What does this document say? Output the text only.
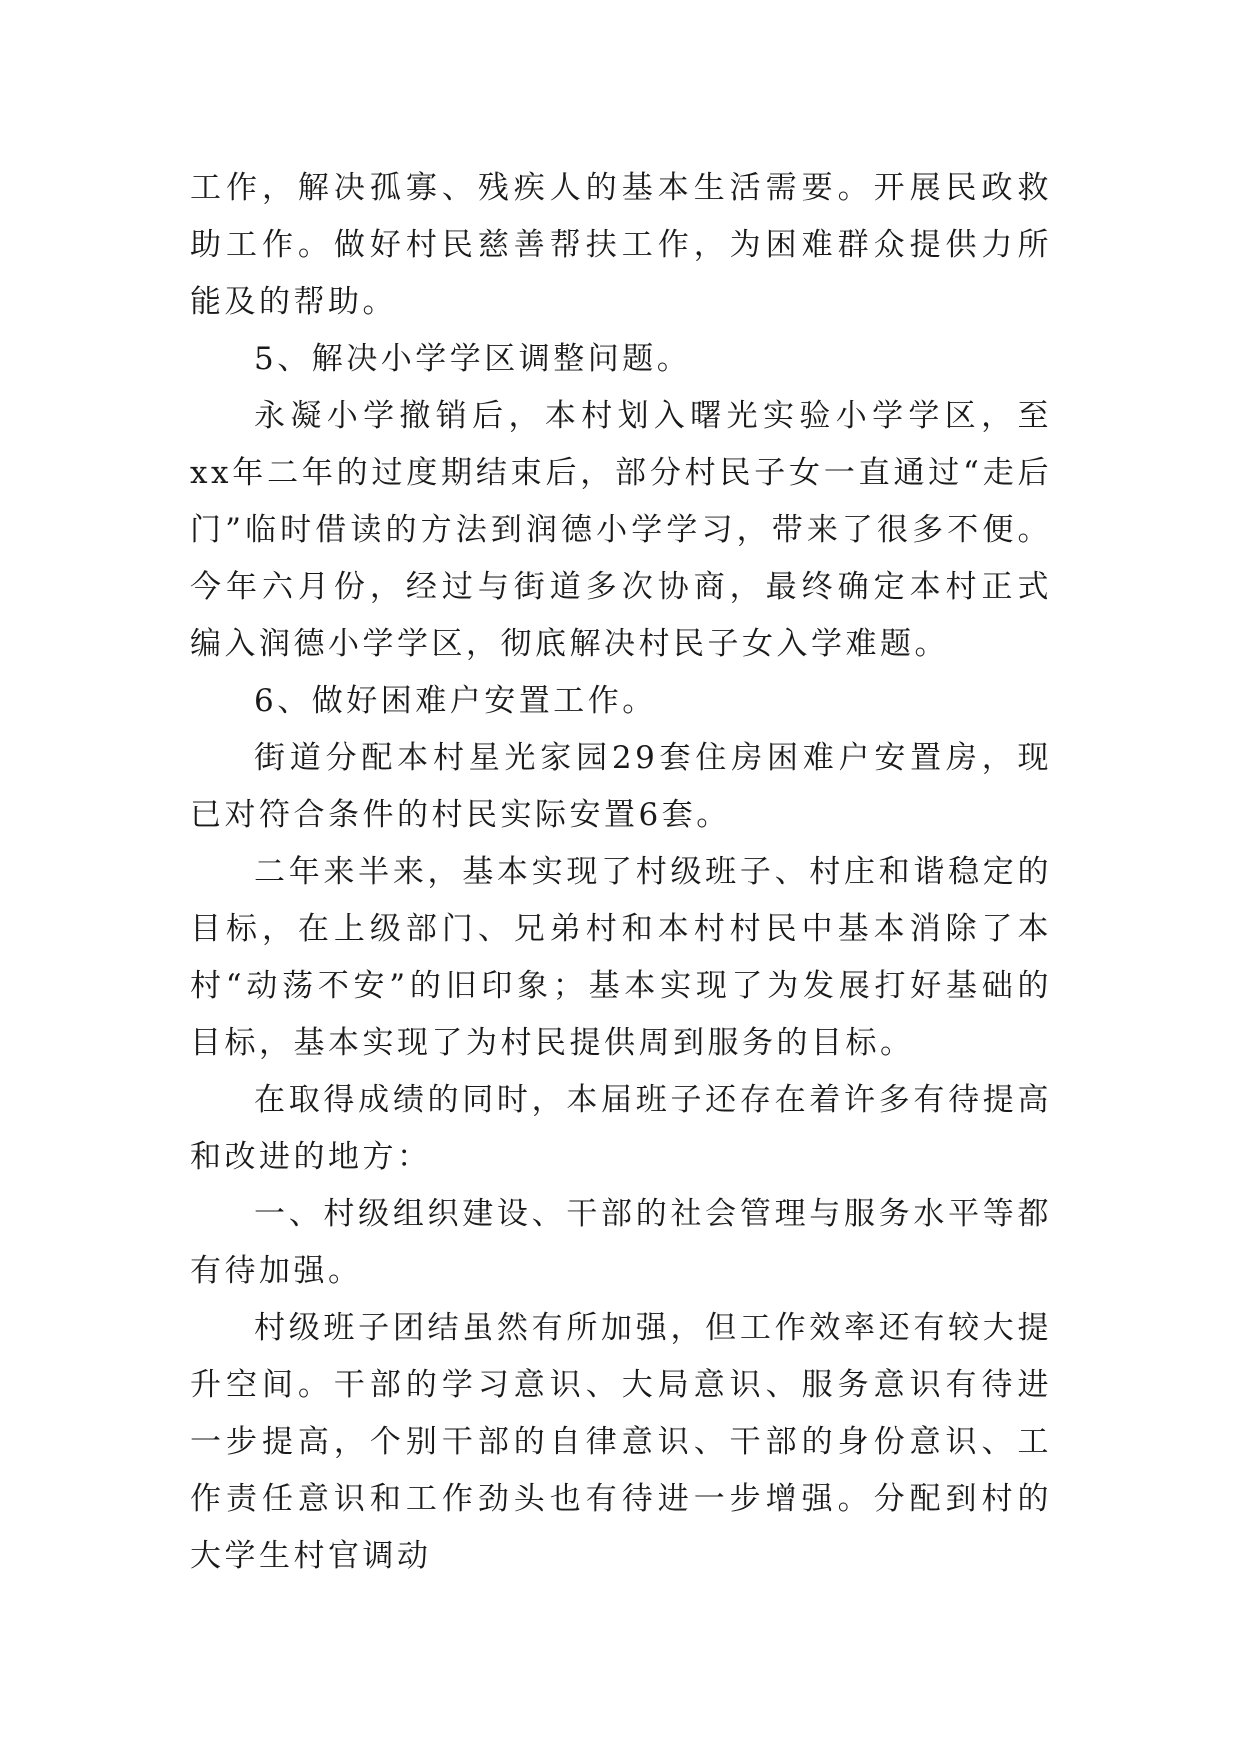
工作，解决孤寡、残疾人的基本生活需要。开展民政救助工作。做好村民慈善帮扶工作，为困难群众提供力所能及的帮助。

5、解决小学学区调整问题。

永凝小学撤销后，本村划入曙光实验小学学区，至xx年二年的过度期结束后，部分村民子女一直通过“走后门”临时借读的方法到润德小学学习，带来了很多不便。今年六月份，经过与街道多次协商，最终确定本村正式编入润德小学学区，彻底解决村民子女入学难题。

6、做好困难户安置工作。

街道分配本村星光家园29套住房困难户安置房，现已对符合条件的村民实际安置6套。

二年来半来，基本实现了村级班子、村庄和谐稳定的目标，在上级部门、兄弟村和本村村民中基本消除了本村“动荡不安”的旧印象；基本实现了为发展打好基础的目标，基本实现了为村民提供周到服务的目标。

在取得成绩的同时，本届班子还存在着许多有待提高和改进的地方：

一、村级组织建设、干部的社会管理与服务水平等都有待加强。

村级班子团结虽然有所加强，但工作效率还有较大提升空间。干部的学习意识、大局意识、服务意识有待进一步提高，个别干部的自律意识、干部的身份意识、工作责任意识和工作劲头也有待进一步增强。分配到村的大学生村官调动
